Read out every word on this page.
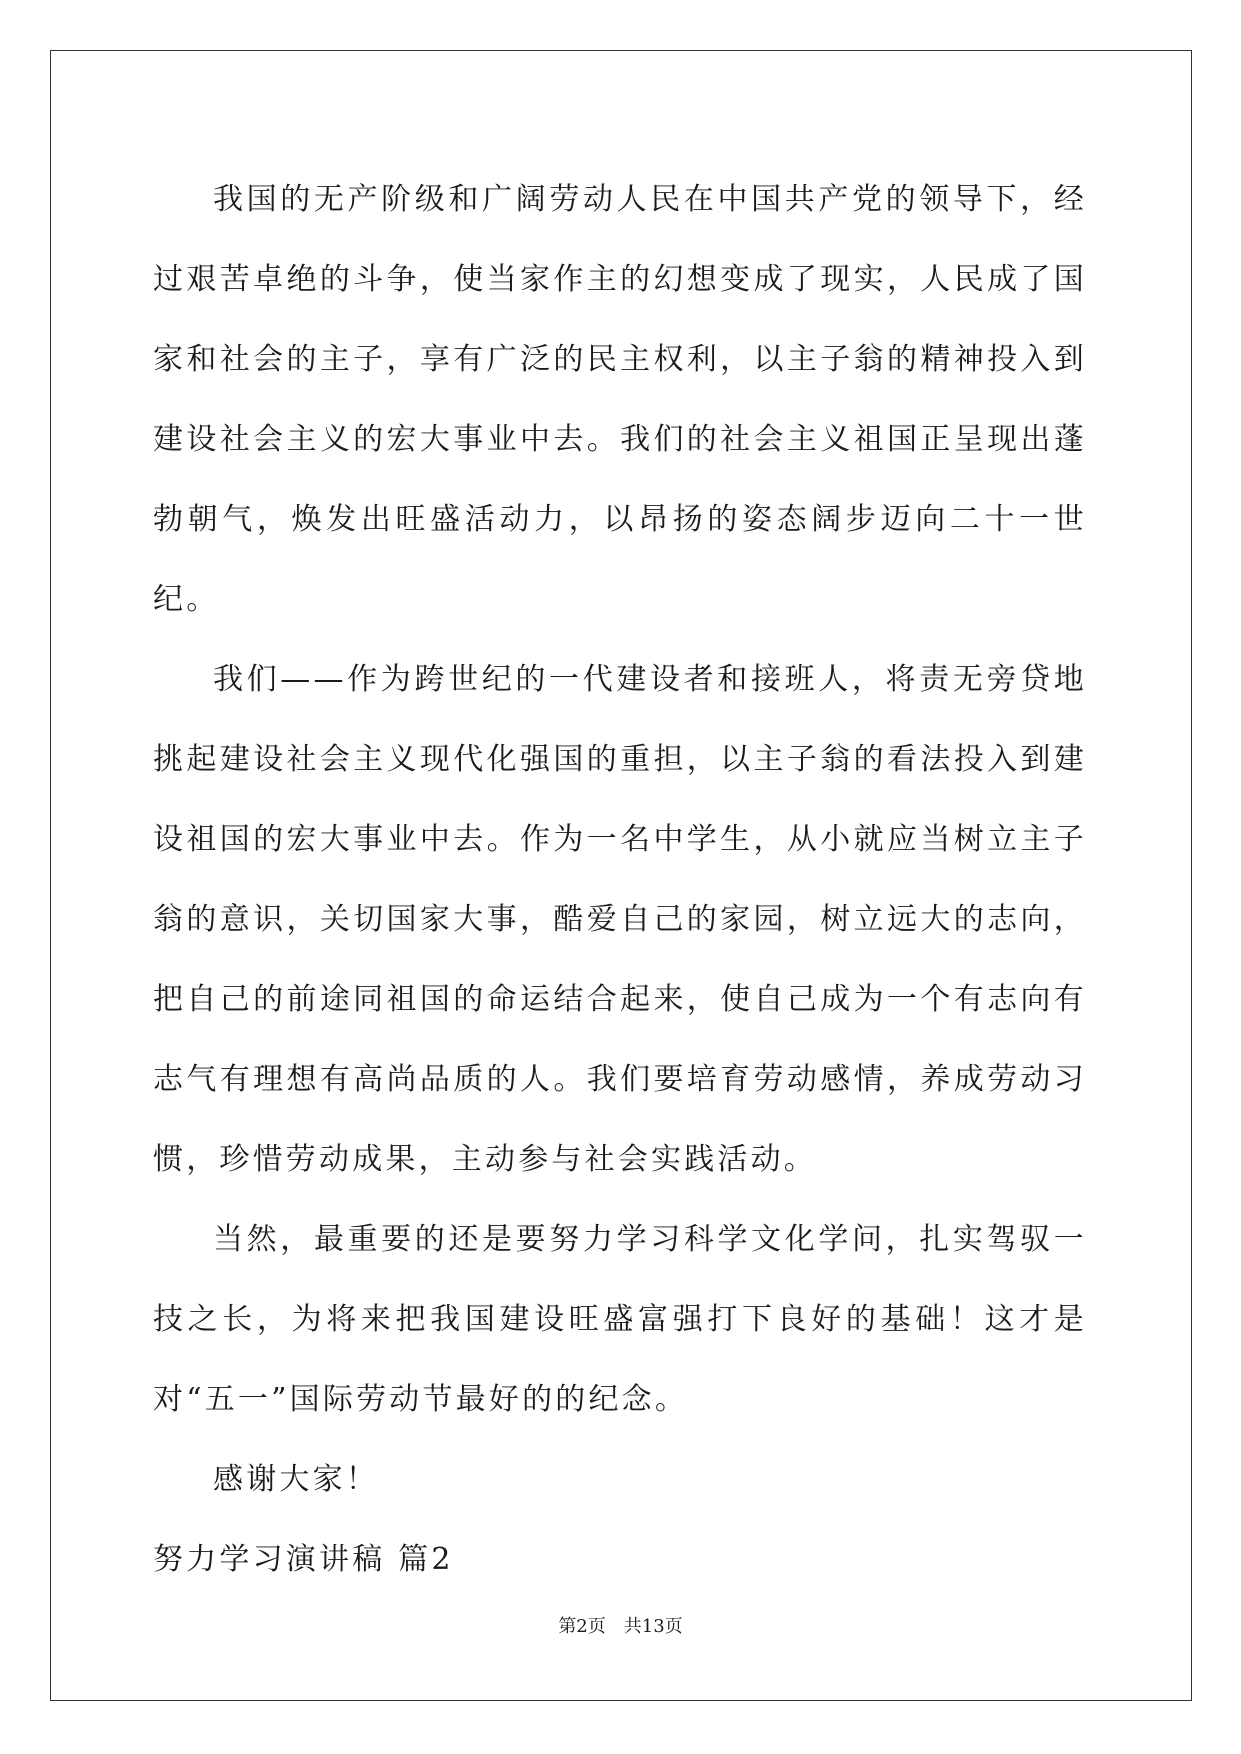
我国的无产阶级和广阔劳动人民在中国共产党的领导下，经过艰苦卓绝的斗争，使当家作主的幻想变成了现实，人民成了国家和社会的主子，享有广泛的民主权利，以主子翁的精神投入到建设社会主义的宏大事业中去。我们的社会主义祖国正呈现出蓬勃朝气，焕发出旺盛活动力，以昂扬的姿态阔步迈向二十一世纪。

我们——作为跨世纪的一代建设者和接班人，将责无旁贷地挑起建设社会主义现代化强国的重担，以主子翁的看法投入到建设祖国的宏大事业中去。作为一名中学生，从小就应当树立主子翁的意识，关切国家大事，酷爱自己的家园，树立远大的志向，把自己的前途同祖国的命运结合起来，使自己成为一个有志向有志气有理想有高尚品质的人。我们要培育劳动感情，养成劳动习惯，珍惜劳动成果，主动参与社会实践活动。

当然，最重要的还是要努力学习科学文化学问，扎实驾驭一技之长，为将来把我国建设旺盛富强打下良好的基础！这才是对“五一”国际劳动节最好的的纪念。

感谢大家！

努力学习演讲稿 篇2

第2页　共13页
